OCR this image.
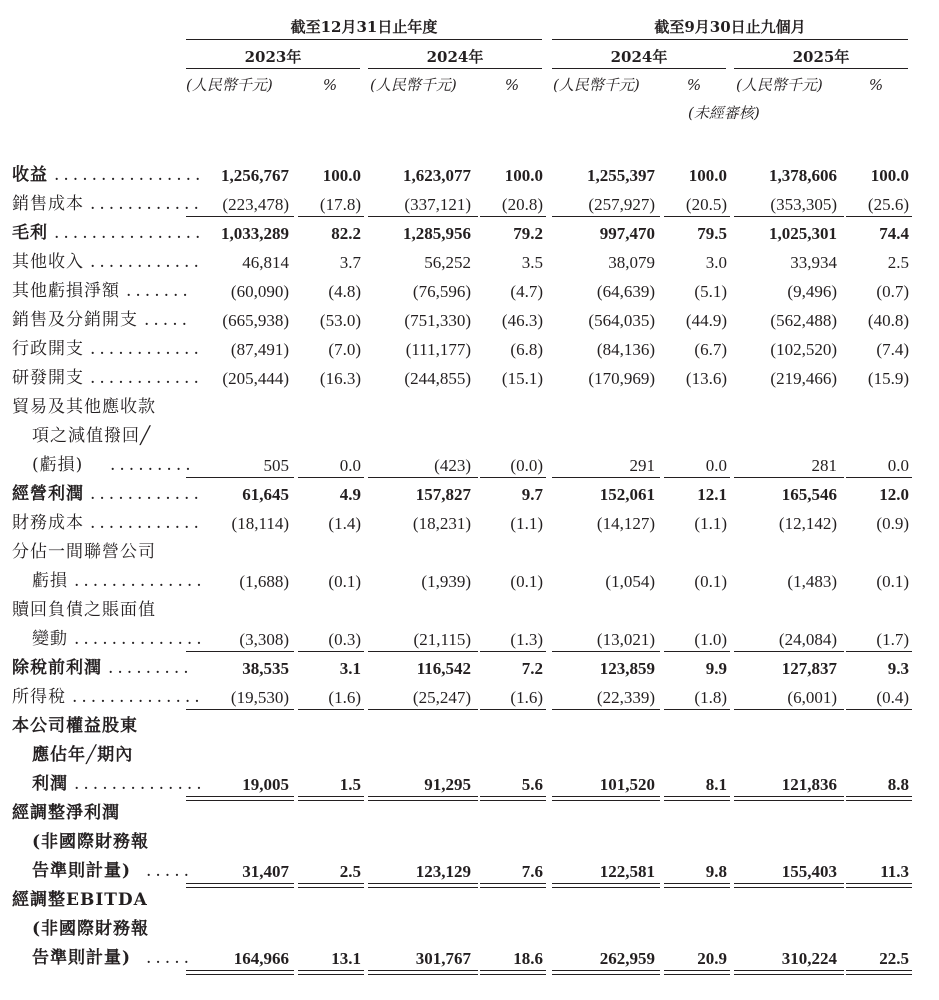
截至12月31日止年度	截至9月30日止九個月
2023年	2024年	2024年	2025年
(人民幣千元)	%	(人民幣千元)	%	(人民幣千元)	%	(人民幣千元)	%
(未經審核)
收益 ................ 1,256,767	100.0	1,623,077	100.0	1,255,397	100.0	1,378,606	100.0
銷售成本 ............	(223,478)	(17.8)	(337,121)	(20.8)	(257,927)	(20.5)	(353,305)	(25.6)
毛利 ................ 1,033,289	82.2	1,285,956	79.2	997,470	79.5	1,025,301	74.4
其他收入 ............	46,814	3.7	56,252	3.5	38,079	3.0	33,934	2.5
其他虧損淨額 .......	(60,090)	(4.8)	(76,596)	(4.7)	(64,639)	(5.1)	(9,496)	(0.7)
銷售及分銷開支 .....	(665,938)	(53.0)	(751,330)	(46.3)	(564,035)	(44.9)	(562,488)	(40.8)
行政開支 ............	(87,491)	(7.0)	(111,177)	(6.8)	(84,136)	(6.7)	(102,520)	(7.4)
研發開支 ............	(205,444)	(16.3)	(244,855)	(15.1)	(170,969)	(13.6)	(219,466)	(15.9)
貿易及其他應收款
項之減值撥回╱
(虧損) .........	505	0.0	(423)	(0.0)	291	0.0	281	0.0
經營利潤 ............	61,645	4.9	157,827	9.7	152,061	12.1	165,546	12.0
財務成本 ............	(18,114)	(1.4)	(18,231)	(1.1)	(14,127)	(1.1)	(12,142)	(0.9)
分佔一間聯營公司
虧損 ..............	(1,688)	(0.1)	(1,939)	(0.1)	(1,054)	(0.1)	(1,483)	(0.1)
贖回負債之賬面值
變動 ..............	(3,308)	(0.3)	(21,115)	(1.3)	(13,021)	(1.0)	(24,084)	(1.7)
除稅前利潤 .........	38,535	3.1	116,542	7.2	123,859	9.9	127,837	9.3
所得稅 ..............	(19,530)	(1.6)	(25,247)	(1.6)	(22,339)	(1.8)	(6,001)	(0.4)
本公司權益股東
應佔年╱期內
利潤 ..............	19,005	1.5	91,295	5.6	101,520	8.1	121,836	8.8
經調整淨利潤
(非國際財務報
告準則計量) .....	31,407	2.5	123,129	7.6	122,581	9.8	155,403	11.3
經調整EBITDA
(非國際財務報
告準則計量) .....	164,966	13.1	301,767	18.6	262,959	20.9	310,224	22.5
